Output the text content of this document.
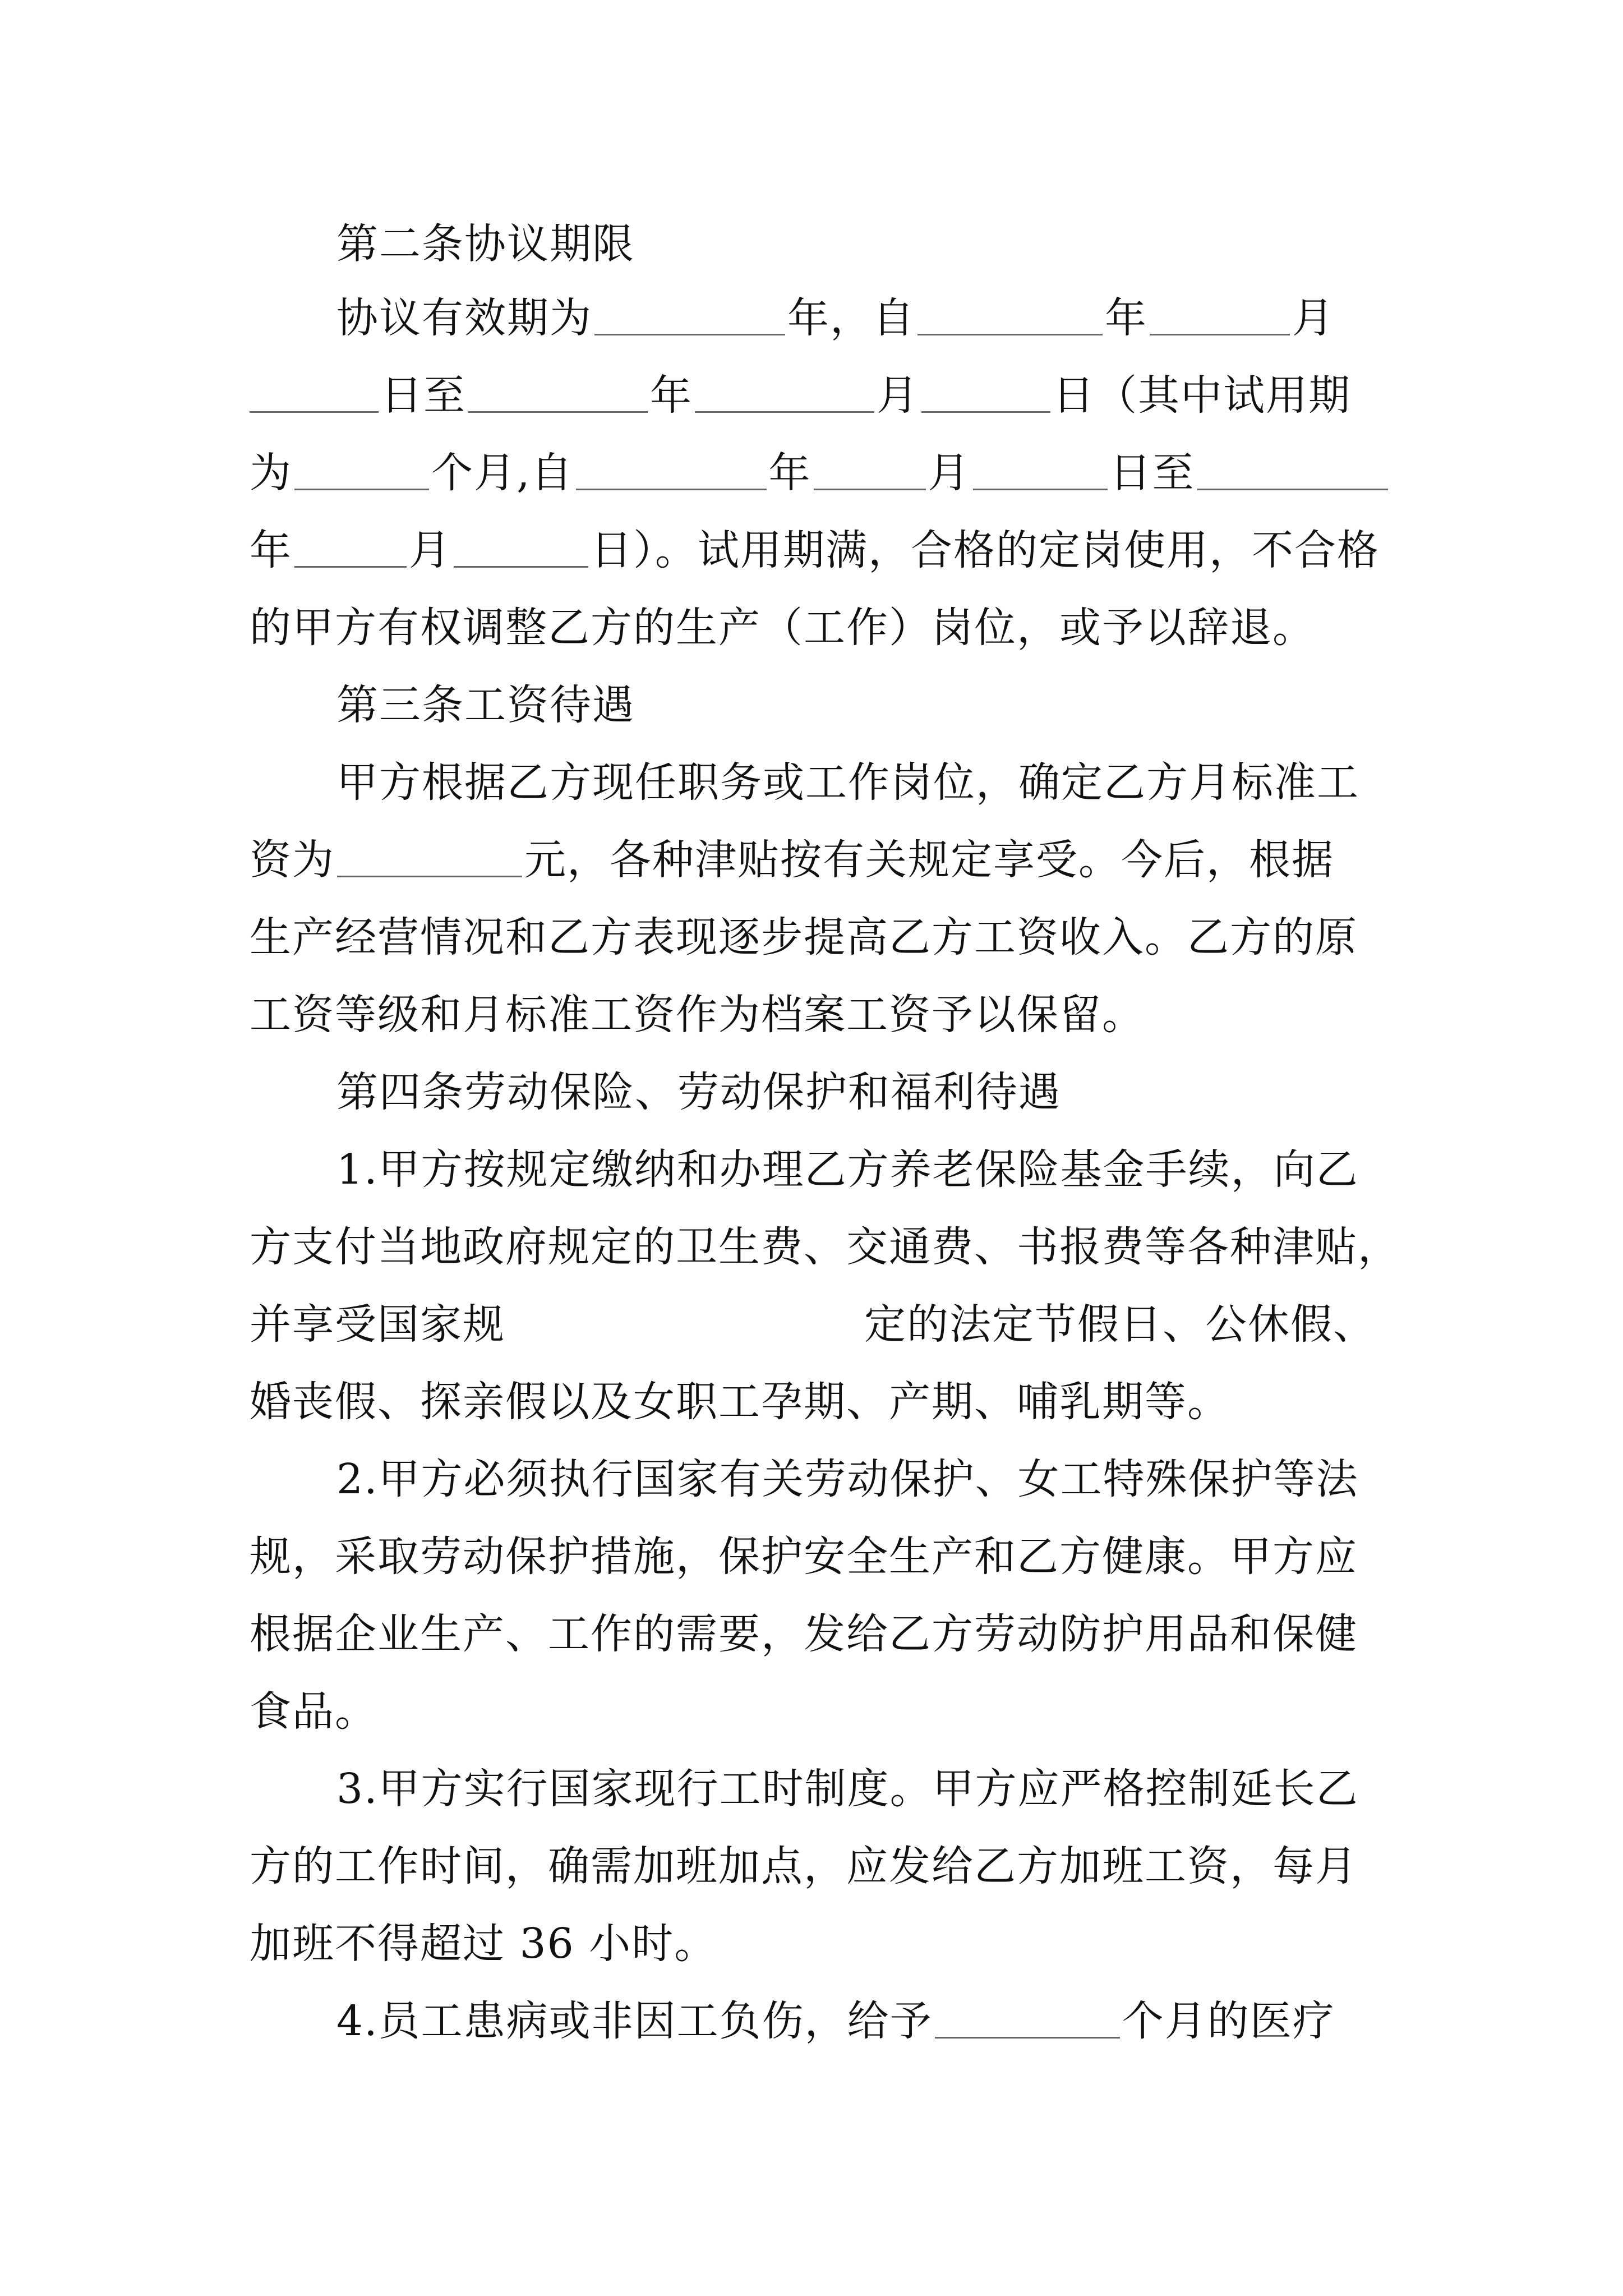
第二条协议期限
协议有效期为	年，自	年	月
日至	年	月	日（其中试用期
为	个月,自	年	月	日至
年	月	日）。试用期满，合格的定岗使用，不合格
的甲方有权调整乙方的生产（工作）岗位，或予以辞退。
第三条工资待遇
甲方根据乙方现任职务或工作岗位，确定乙方月标准工
资为	元，各种津贴按有关规定享受。今后，根据
生产经营情况和乙方表现逐步提高乙方工资收入。乙方的原
工资等级和月标准工资作为档案工资予以保留。
第四条劳动保险、劳动保护和福利待遇
1.甲方按规定缴纳和办理乙方养老保险基金手续，向乙
方支付当地政府规定的卫生费、交通费、书报费等各种津贴，
并享受国家规	定的法定节假日、公休假、
婚丧假、探亲假以及女职工孕期、产期、哺乳期等。
2.甲方必须执行国家有关劳动保护、女工特殊保护等法
规，采取劳动保护措施，保护安全生产和乙方健康。甲方应
根据企业生产、工作的需要，发给乙方劳动防护用品和保健
食品。
3.甲方实行国家现行工时制度。甲方应严格控制延长乙
方的工作时间，确需加班加点，应发给乙方加班工资，每月
加班不得超过 36 小时。
4.员工患病或非因工负伤，给予	个月的医疗
